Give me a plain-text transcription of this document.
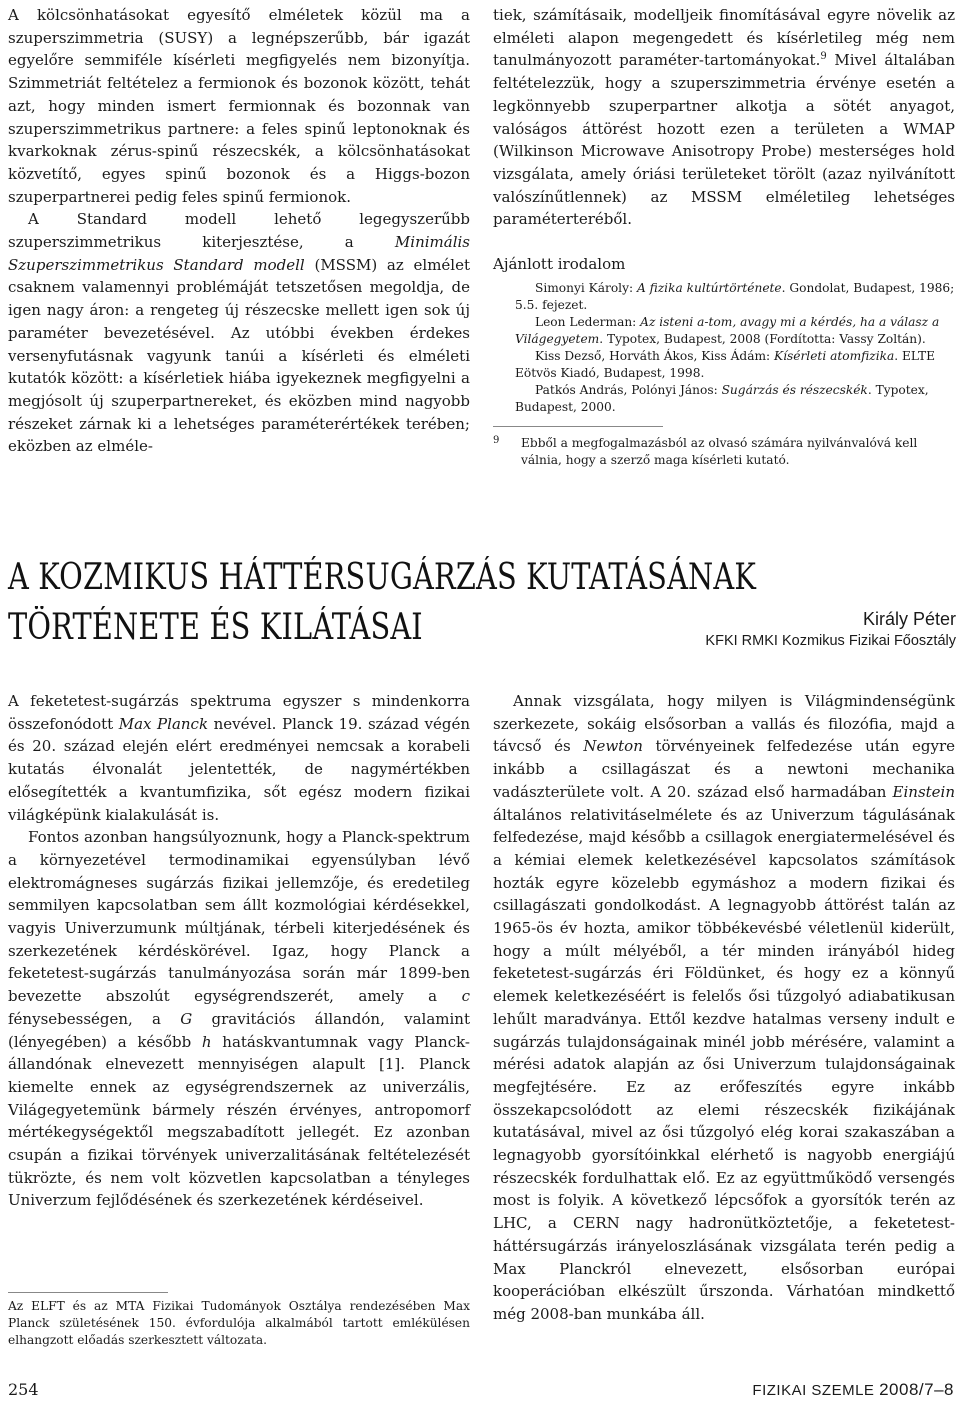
A kölcsönhatásokat egyesítő elméletek közül ma a szuperszimmetria (SUSY) a legnépszerűbb, bár igazát egyelőre semmiféle kísérleti megfigyelés nem bizonyítja. Szimmetriát feltételez a fermionok és bozonok között, tehát azt, hogy minden ismert fermionnak és bozonnak van szuperszimmetrikus partnere: a feles spinű leptonoknak és kvarkoknak zérus-spinű részecskék, a kölcsönhatásokat közvetítő, egyes spinű bozonok és a Higgs-bozon szuperpartnerei pedig feles spinű fermionok.

A Standard modell lehető legegyszerűbb szuperszimmetrikus kiterjesztése, a Minimális Szuperszimmetrikus Standard modell (MSSM) az elmélet csaknem valamennyi problémáját tetszetősen megoldja, de igen nagy áron: a rengeteg új részecske mellett igen sok új paraméter bevezetésével. Az utóbbi években érdekes versenyfutásnak vagyunk tanúi a kísérleti és elméleti kutatók között: a kísérletiek hiába igyekeznek megfigyelni a megjósolt új szuperpartnereket, és eközben mind nagyobb részeket zárnak ki a lehetséges paraméterértékek terében; eközben az elméle-

tiek, számításaik, modelljeik finomításával egyre növelik az elméleti alapon megengedett és kísérletileg még nem tanulmányozott paraméter-tartományokat.$^9$ Mivel általában feltételezzük, hogy a szuperszimmetria érvénye esetén a legkönnyebb szuperpartner alkotja a sötét anyagot, valóságos áttörést hozott ezen a területen a WMAP (Wilkinson Microwave Anisotropy Probe) mesterséges hold vizsgálata, amely óriási területeket törölt (azaz nyilvánított valószínűtlennek) az MSSM elméletileg lehetséges paraméterteréből.

Ajánlott irodalom

Simonyi Károly: A fizika kultúrtörténete. Gondolat, Budapest, 1986; 5.5. fejezet.

Leon Lederman: Az isteni a-tom, avagy mi a kérdés, ha a válasz a Világegyetem. Typotex, Budapest, 2008 (Fordította: Vassy Zoltán).

Kiss Dezső, Horváth Ákos, Kiss Ádám: Kísérleti atomfizika. ELTE Eötvös Kiadó, Budapest, 1998.

Patkós András, Polónyi János: Sugárzás és részecskék. Typotex, Budapest, 2000.

9 Ebből a megfogalmazásból az olvasó számára nyilvánvalóvá kell válnia, hogy a szerző maga kísérleti kutató.
A KOZMIKUS HÁTTÉRSUGÁRZÁS KUTATÁSÁNAK
TÖRTÉNETE ÉS KILÁTÁSAI	Király Péter
KFKI RMKI Kozmikus Fizikai Főosztály

A feketetest-sugárzás spektruma egyszer s mindenkorra összefonódott Max Planck nevével. Planck 19. század végén és 20. század elején elért eredményei nemcsak a korabeli kutatás élvonalát jelentették, de nagymértékben elősegítették a kvantumfizika, sőt egész modern fizikai világképünk kialakulását is.

Fontos azonban hangsúlyoznunk, hogy a Planck-spektrum a környezetével termodinamikai egyensúlyban lévő elektromágneses sugárzás fizikai jellemzője, és eredetileg semmilyen kapcsolatban sem állt kozmológiai kérdésekkel, vagyis Univerzumunk múltjának, térbeli kiterjedésének és szerkezetének kérdéskörével. Igaz, hogy Planck a feketetest-sugárzás tanulmányozása során már 1899-ben bevezette abszolút egységrendszerét, amely a c fénysebességen, a G gravitációs állandón, valamint (lényegében) a később h hatáskvantumnak vagy Planck-állandónak elnevezett mennyiségen alapult [1]. Planck kiemelte ennek az egységrendszernek az univerzális, Világegyetemünk bármely részén érvényes, antropomorf mértékegységektől megszabadított jellegét. Ez azonban csupán a fizikai törvények univerzalitásának feltételezését tükrözte, és nem volt közvetlen kapcsolatban a tényleges Univerzum fejlődésének és szerkezetének kérdéseivel.

Az ELFT és az MTA Fizikai Tudományok Osztálya rendezésében Max Planck születésének 150. évfordulója alkalmából tartott emlékülésen elhangzott előadás szerkesztett változata.

Annak vizsgálata, hogy milyen is Világmindenségünk szerkezete, sokáig elsősorban a vallás és filozófia, majd a távcső és Newton törvényeinek felfedezése után egyre inkább a csillagászat és a newtoni mechanika vadászterülete volt. A 20. század első harmadában Einstein általános relativitáselmélete és az Univerzum tágulásának felfedezése, majd később a csillagok energiatermelésével és a kémiai elemek keletkezésével kapcsolatos számítások hozták egyre közelebb egymáshoz a modern fizikai és csillagászati gondolkodást. A legnagyobb áttörést talán az 1965-ös év hozta, amikor többékevésbé véletlenül kiderült, hogy a múlt mélyéből, a tér minden irányából hideg feketetest-sugárzás éri Földünket, és hogy ez a könnyű elemek keletkezéséért is felelős ősi tűzgolyó adiabatikusan lehűlt maradványa. Ettől kezdve hatalmas verseny indult e sugárzás tulajdonságainak minél jobb mérésére, valamint a mérési adatok alapján az ősi Univerzum tulajdonságainak megfejtésére. Ez az erőfeszítés egyre inkább összekapcsolódott az elemi részecskék fizikájának kutatásával, mivel az ősi tűzgolyó elég korai szakaszában a legnagyobb gyorsítóinkkal elérhető is nagyobb energiájú részecskék fordulhattak elő. Ez az együttműködő versengés most is folyik. A következő lépcsőfok a gyorsítók terén az LHC, a CERN nagy hadronütköztetője, a feketetest-háttérsugárzás irányeloszlásának vizsgálata terén pedig a Max Planckról elnevezett, elsősorban európai kooperációban elkészült űrszonda. Várhatóan mindkettő még 2008-ban munkába áll.

254	FIZIKAI SZEMLE 2008/7–8
